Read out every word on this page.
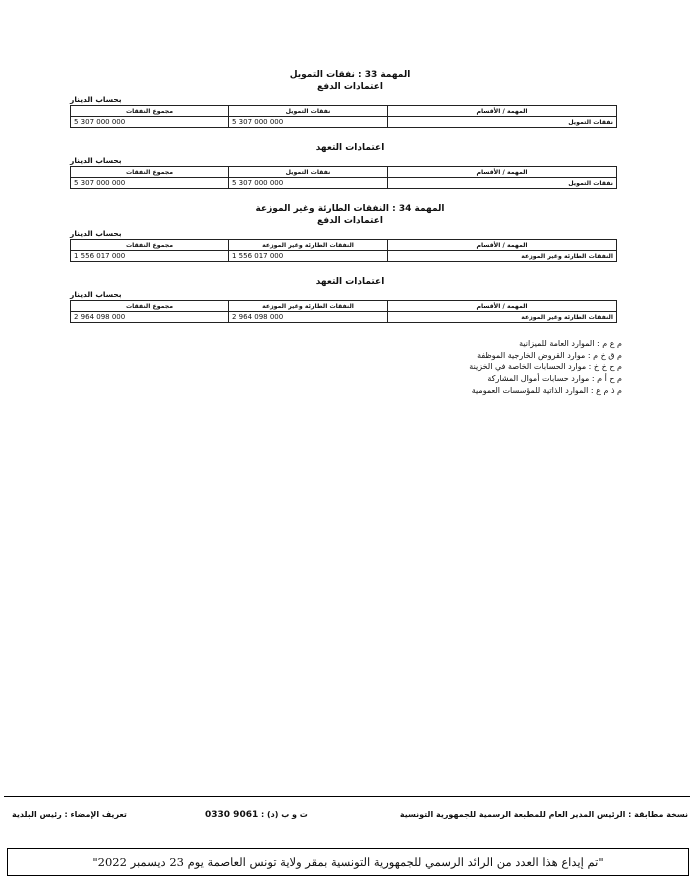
المهمة 33 : نفقات التمويل
اعتمادات الدفع
بحساب الدينار
المهمة / الأقسام	نفقات التمويل	مجموع النفقات
نفقات التمويل	5 307 000 000	5 307 000 000
اعتمادات التعهد
بحساب الدينار
المهمة / الأقسام	نفقات التمويل	مجموع النفقات
نفقات التمويل	5 307 000 000	5 307 000 000
المهمة 34 : النفقات الطارئة وغير الموزعة
اعتمادات الدفع
بحساب الدينار
المهمة / الأقسام	النفقات الطارئة وغير الموزعة	مجموع النفقات
النفقات الطارئة وغير الموزعة	1 556 017 000	1 556 017 000
اعتمادات التعهد
بحساب الدينار
المهمة / الأقسام	النفقات الطارئة وغير الموزعة	مجموع النفقات
النفقات الطارئة وغير الموزعة	2 964 098 000	2 964 098 000
م ع م : الموارد العامة للميزانية
م ق خ م : موارد القروض الخارجية الموظفة
م ح خ خ : موارد الحسابات الخاصة في الخزينة
م ح أ م : موارد حسابات أموال المشاركة
م ذ م ع : الموارد الذاتية للمؤسسات العمومية
نسخة مطابقة : الرئيس المدير العام للمطبعة الرسمية للجمهورية التونسية
ت و ب (د) : 0330 9061
تعريف الإمضاء : رئيس البلدية
"تم إيداع هذا العدد من الرائد الرسمي للجمهورية التونسية بمقر ولاية تونس العاصمة يوم 23 ديسمبر 2022"
